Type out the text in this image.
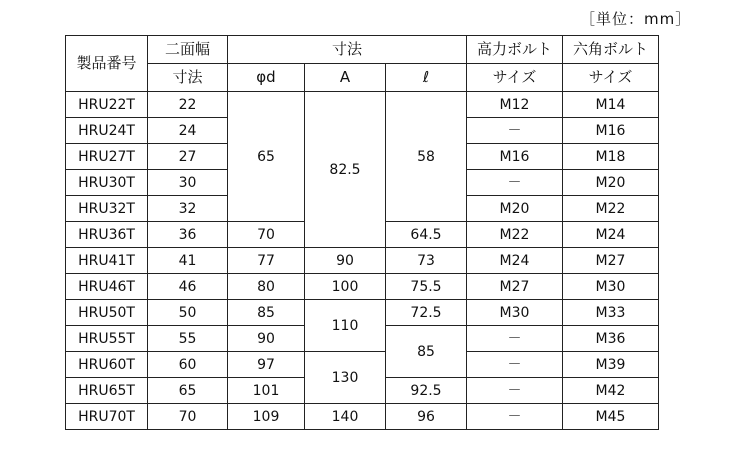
［単位：mm］
製品番号	二面幅	寸法			高力ボルト	六角ボルト
	寸法	φd	A	ℓ	サイズ	サイズ
HRU22T	22	65	82.5	58	M12	M14
HRU24T	24				－	M16
HRU27T	27				M16	M18
HRU30T	30				－	M20
HRU32T	32				M20	M22
HRU36T	36	70		64.5	M22	M24
HRU41T	41	77	90	73	M24	M27
HRU46T	46	80	100	75.5	M27	M30
HRU50T	50	85	110	72.5	M30	M33
HRU55T	55	90		85	－	M36
HRU60T	60	97	130		－	M39
HRU65T	65	101		92.5	－	M42
HRU70T	70	109	140	96	－	M45
